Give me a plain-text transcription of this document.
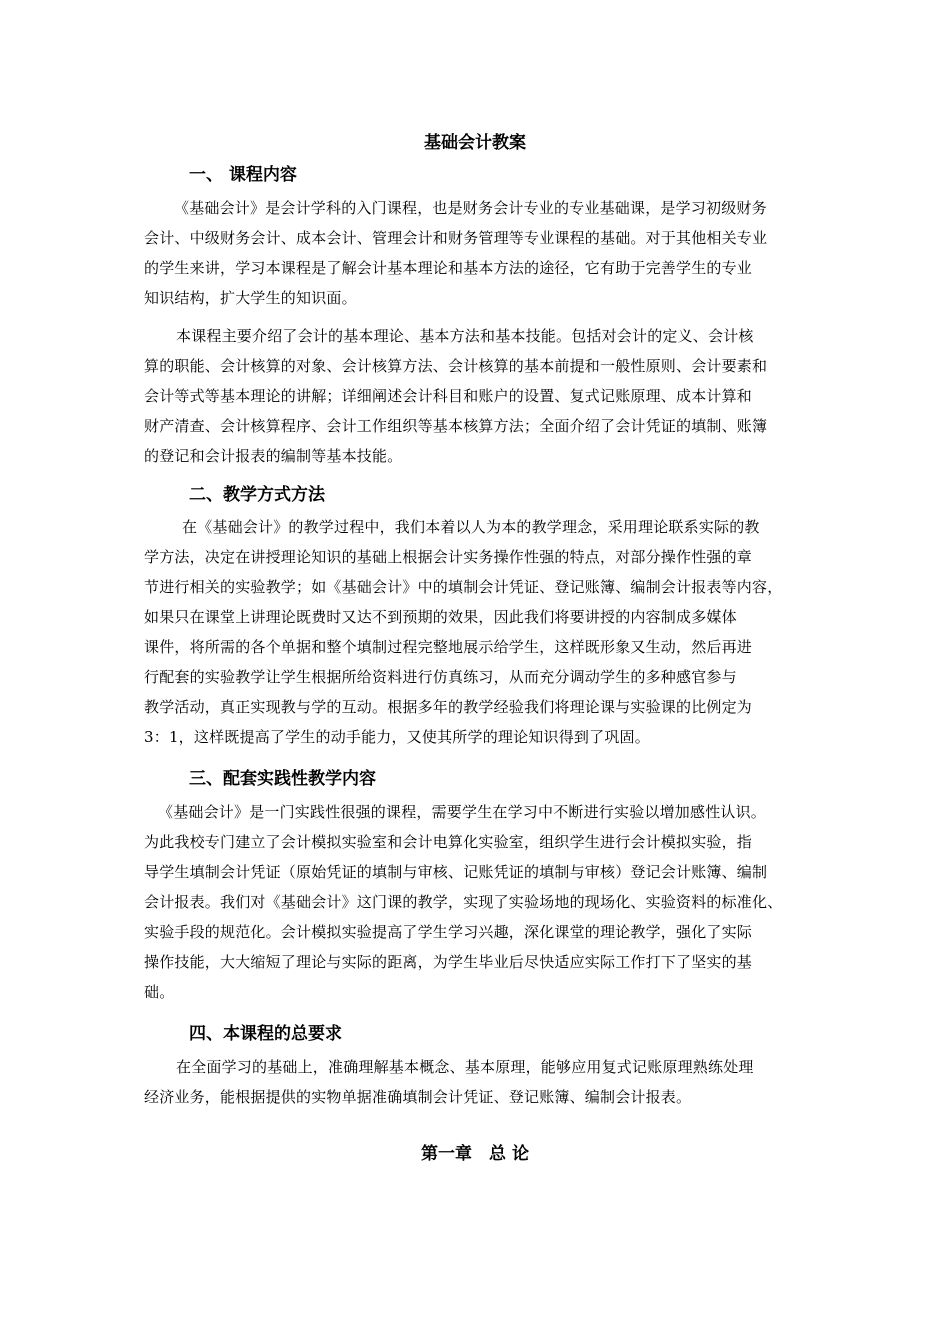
基础会计教案
一、 课程内容
《基础会计》是会计学科的入门课程，也是财务会计专业的专业基础课，是学习初级财务
会计、中级财务会计、成本会计、管理会计和财务管理等专业课程的基础。对于其他相关专业
的学生来讲，学习本课程是了解会计基本理论和基本方法的途径，它有助于完善学生的专业
知识结构，扩大学生的知识面。
本课程主要介绍了会计的基本理论、基本方法和基本技能。包括对会计的定义、会计核
算的职能、会计核算的对象、会计核算方法、会计核算的基本前提和一般性原则、会计要素和
会计等式等基本理论的讲解；详细阐述会计科目和账户的设置、复式记账原理、成本计算和
财产清查、会计核算程序、会计工作组织等基本核算方法；全面介绍了会计凭证的填制、账簿
的登记和会计报表的编制等基本技能。
二、教学方式方法
在《基础会计》的教学过程中，我们本着以人为本的教学理念，采用理论联系实际的教
学方法，决定在讲授理论知识的基础上根据会计实务操作性强的特点，对部分操作性强的章
节进行相关的实验教学；如《基础会计》中的填制会计凭证、登记账簿、编制会计报表等内容，
如果只在课堂上讲理论既费时又达不到预期的效果，因此我们将要讲授的内容制成多媒体
课件，将所需的各个单据和整个填制过程完整地展示给学生，这样既形象又生动，然后再进
行配套的实验教学让学生根据所给资料进行仿真练习，从而充分调动学生的多种感官参与
教学活动，真正实现教与学的互动。根据多年的教学经验我们将理论课与实验课的比例定为
3：1，这样既提高了学生的动手能力，又使其所学的理论知识得到了巩固。
三、配套实践性教学内容
《基础会计》是一门实践性很强的课程，需要学生在学习中不断进行实验以增加感性认识。
为此我校专门建立了会计模拟实验室和会计电算化实验室，组织学生进行会计模拟实验，指
导学生填制会计凭证（原始凭证的填制与审核、记账凭证的填制与审核）登记会计账簿、编制
会计报表。我们对《基础会计》这门课的教学，实现了实验场地的现场化、实验资料的标准化、
实验手段的规范化。会计模拟实验提高了学生学习兴趣，深化课堂的理论教学，强化了实际
操作技能，大大缩短了理论与实际的距离，为学生毕业后尽快适应实际工作打下了坚实的基
础。
四、本课程的总要求
在全面学习的基础上，准确理解基本概念、基本原理，能够应用复式记账原理熟练处理
经济业务，能根据提供的实物单据准确填制会计凭证、登记账簿、编制会计报表。
第一章　总 论
